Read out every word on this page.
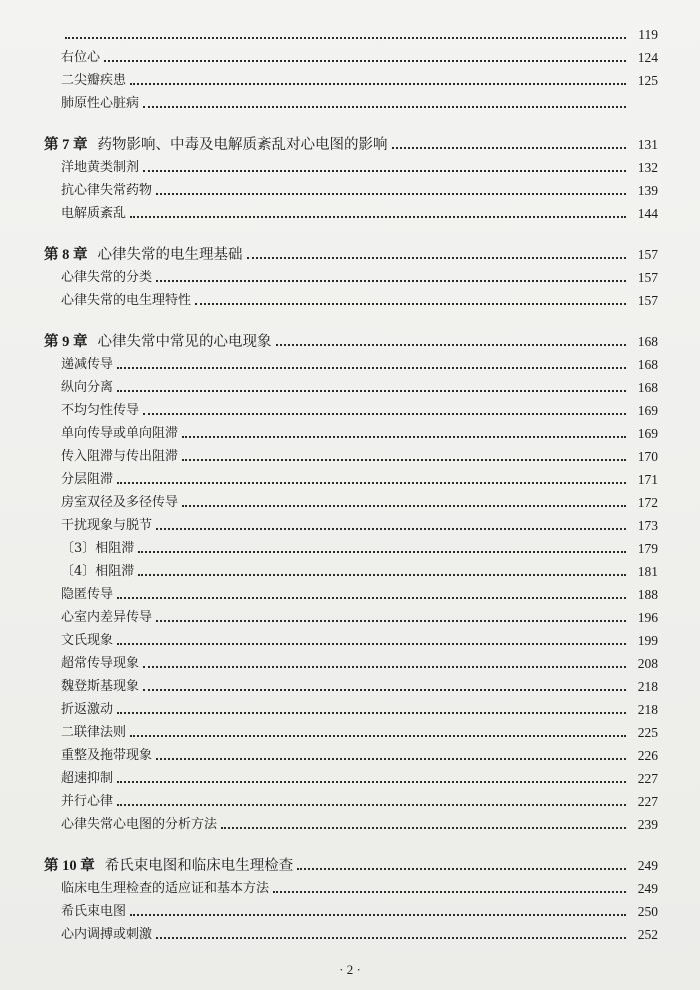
119
右位心	124
二尖瓣疾患	125
肺原性心脏病
第 7 章 药物影响、中毒及电解质紊乱对心电图的影响	131
洋地黄类制剂	132
抗心律失常药物	139
电解质紊乱	144
第 8 章 心律失常的电生理基础	157
心律失常的分类	157
心律失常的电生理特性	157
第 9 章 心律失常中常见的心电现象	168
递减传导	168
纵向分离	168
不均匀性传导	169
单向传导或单向阻滞	169
传入阻滞与传出阻滞	170
分层阻滞	171
房室双径及多径传导	172
干扰现象与脱节	173
〔3〕相阻滞	179
〔4〕相阻滞	181
隐匿传导	188
心室内差异传导	196
文氏现象	199
超常传导现象	208
魏登斯基现象	218
折返激动	218
二联律法则	225
重整及拖带现象	226
超速抑制	227
并行心律	227
心律失常心电图的分析方法	239
第 10 章 希氏束电图和临床电生理检查	249
临床电生理检查的适应证和基本方法	249
希氏束电图	250
心内调搏或刺激	252
· 2 ·
